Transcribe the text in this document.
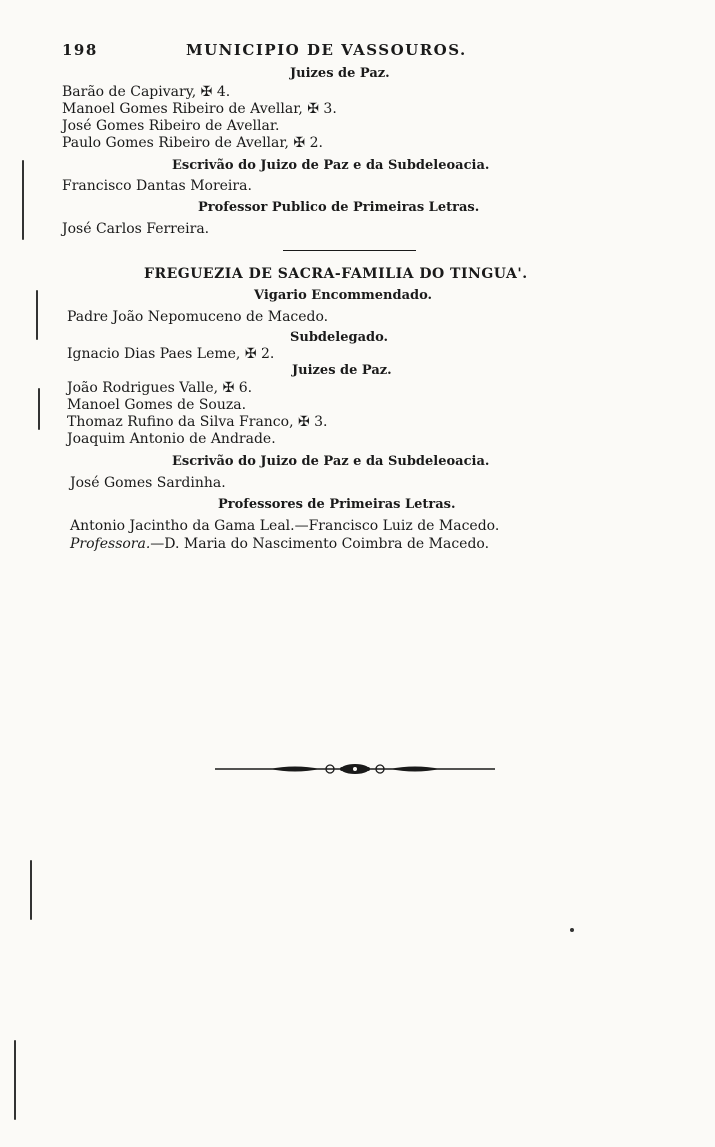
198	MUNICIPIO DE VASSOUROS.
Juizes de Paz.
Barão de Capivary, ✠ 4.
Manoel Gomes Ribeiro de Avellar, ✠ 3.
José Gomes Ribeiro de Avellar.
Paulo Gomes Ribeiro de Avellar, ✠ 2.
Escrivão do Juizo de Paz e da Subdeleoacia.
Francisco Dantas Moreira.
Professor Publico de Primeiras Letras.
José Carlos Ferreira.
FREGUEZIA DE SACRA-FAMILIA DO TINGUA'.
Vigario Encommendado.
Padre João Nepomuceno de Macedo.
Subdelegado.
Ignacio Dias Paes Leme, ✠ 2.
Juizes de Paz.
João Rodrigues Valle, ✠ 6.
Manoel Gomes de Souza.
Thomaz Rufino da Silva Franco, ✠ 3.
Joaquim Antonio de Andrade.
Escrivão do Juizo de Paz e da Subdeleoacia.
José Gomes Sardinha.
Professores de Primeiras Letras.
Antonio Jacintho da Gama Leal.—Francisco Luiz de Macedo.
Professora.—D. Maria do Nascimento Coimbra de Macedo.
